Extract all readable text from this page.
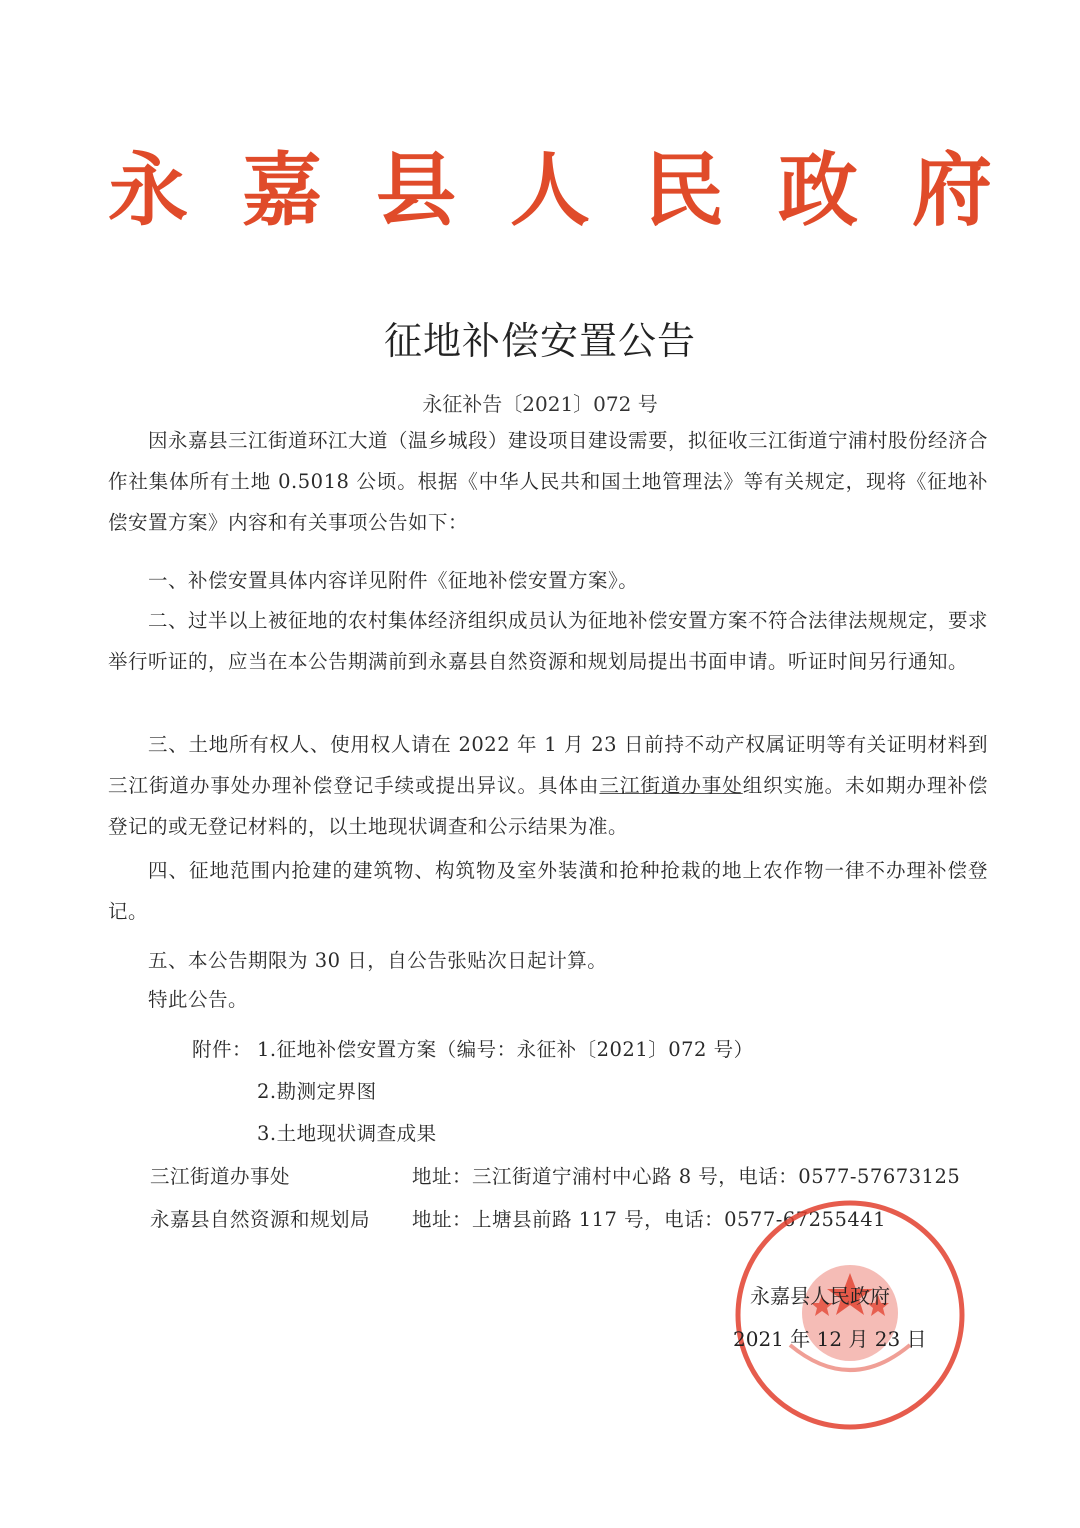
永 嘉 县 人 民 政 府
征地补偿安置公告
永征补告〔2021〕072 号
因永嘉县三江街道环江大道（温乡城段）建设项目建设需要，拟征收三江街道宁浦村股份经济合作社集体所有土地 0.5018 公顷。根据《中华人民共和国土地管理法》等有关规定，现将《征地补偿安置方案》内容和有关事项公告如下：
一、补偿安置具体内容详见附件《征地补偿安置方案》。
二、过半以上被征地的农村集体经济组织成员认为征地补偿安置方案不符合法律法规规定，要求举行听证的，应当在本公告期满前到永嘉县自然资源和规划局提出书面申请。听证时间另行通知。
三、土地所有权人、使用权人请在 2022 年 1 月 23 日前持不动产权属证明等有关证明材料到三江街道办事处办理补偿登记手续或提出异议。具体由三江街道办事处组织实施。未如期办理补偿登记的或无登记材料的，以土地现状调查和公示结果为准。
四、征地范围内抢建的建筑物、构筑物及室外装潢和抢种抢栽的地上农作物一律不办理补偿登记。
五、本公告期限为 30 日，自公告张贴次日起计算。
特此公告。
附件： 1.征地补偿安置方案（编号：永征补〔2021〕072 号）
2.勘测定界图
3.土地现状调查成果
三江街道办事处	地址：三江街道宁浦村中心路 8 号，电话：0577-57673125
永嘉县自然资源和规划局 地址：上塘县前路 117 号，电话：0577-67255441
永嘉县人民政府
2021 年 12 月 23 日
